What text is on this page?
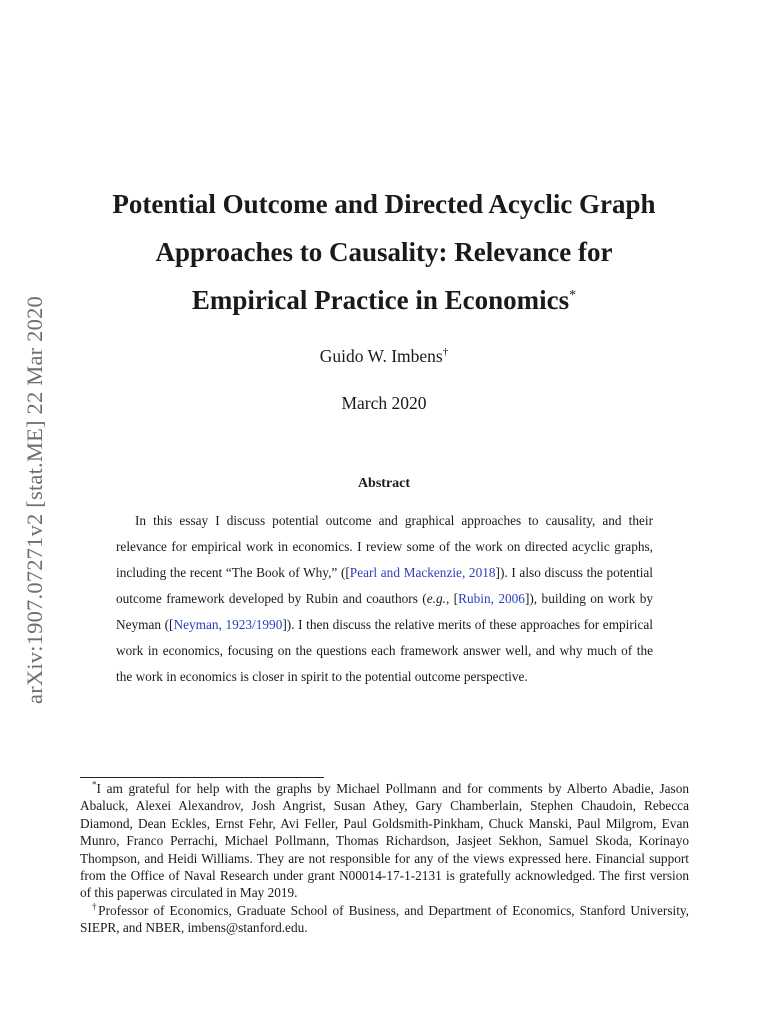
arXiv:1907.07271v2 [stat.ME] 22 Mar 2020
Potential Outcome and Directed Acyclic Graph
Approaches to Causality: Relevance for
Empirical Practice in Economics*
Guido W. Imbens†
March 2020
Abstract

In this essay I discuss potential outcome and graphical approaches to causality, and their relevance for empirical work in economics. I review some of the work on directed acyclic graphs, including the recent “The Book of Why,” ([Pearl and Mackenzie, 2018]). I also discuss the potential outcome framework developed by Rubin and coauthors (e.g., [Rubin, 2006]), building on work by Neyman ([Neyman, 1923/1990]). I then discuss the relative merits of these approaches for empirical work in economics, focusing on the questions each framework answer well, and why much of the the work in economics is closer in spirit to the potential outcome perspective.

*I am grateful for help with the graphs by Michael Pollmann and for comments by Alberto Abadie, Jason Abaluck, Alexei Alexandrov, Josh Angrist, Susan Athey, Gary Chamberlain, Stephen Chaudoin, Rebecca Diamond, Dean Eckles, Ernst Fehr, Avi Feller, Paul Goldsmith-Pinkham, Chuck Manski, Paul Milgrom, Evan Munro, Franco Perrachi, Michael Pollmann, Thomas Richardson, Jasjeet Sekhon, Samuel Skoda, Korinayo Thompson, and Heidi Williams. They are not responsible for any of the views expressed here. Financial support from the Office of Naval Research under grant N00014-17-1-2131 is gratefully acknowledged. The first version of this paperwas circulated in May 2019.

†Professor of Economics, Graduate School of Business, and Department of Economics, Stanford University, SIEPR, and NBER, imbens@stanford.edu.
